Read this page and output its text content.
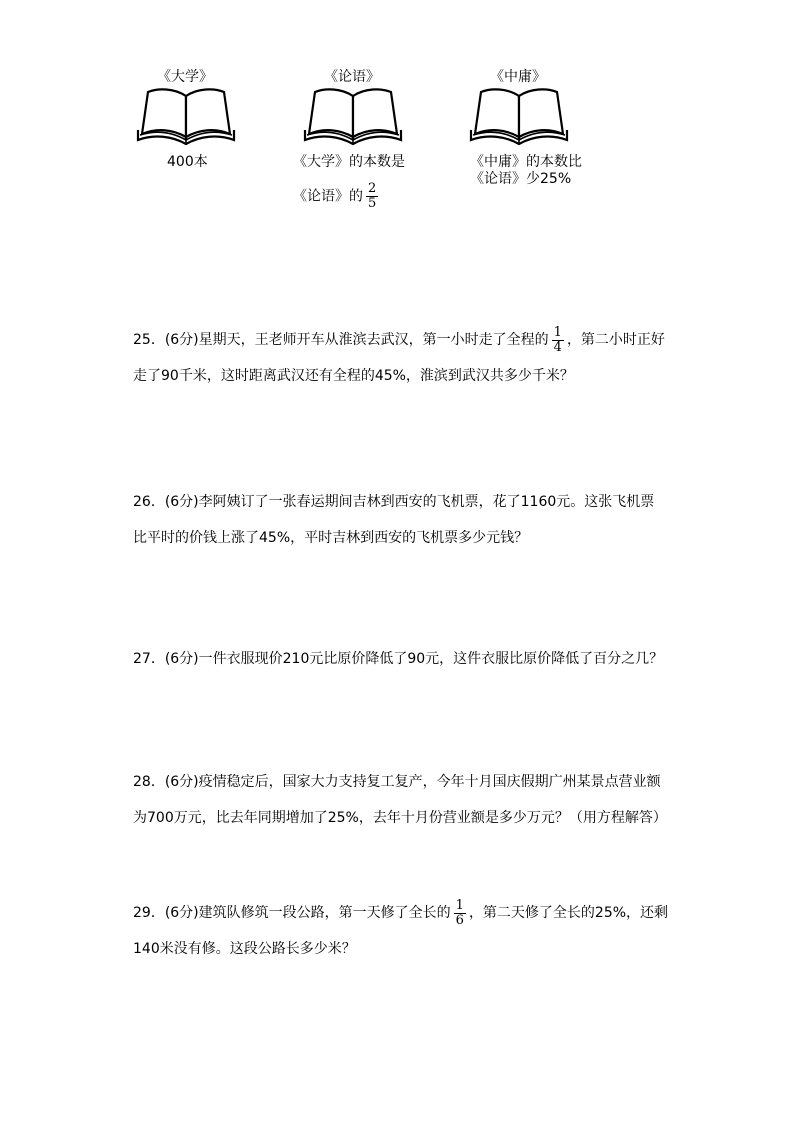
《大学》
400本
《论语》
《大学》的本数是
《论语》的 $\frac{2}{5}$
《中庸》
《中庸》的本数比
《论语》少25%
25．(6分)星期天，王老师开车从淮滨去武汉，第一小时走了全程的 $\frac{1}{4}$ ，第二小时正好
走了90千米，这时距离武汉还有全程的45%，淮滨到武汉共多少千米？
26．(6分)李阿姨订了一张春运期间吉林到西安的飞机票，花了1160元。这张飞机票
比平时的价钱上涨了45%，平时吉林到西安的飞机票多少元钱？
27．(6分)一件衣服现价210元比原价降低了90元，这件衣服比原价降低了百分之几？
28．(6分)疫情稳定后，国家大力支持复工复产，今年十月国庆假期广州某景点营业额
为700万元，比去年同期增加了25%，去年十月份营业额是多少万元？（用方程解答）
29．(6分)建筑队修筑一段公路，第一天修了全长的 $\frac{1}{6}$ ，第二天修了全长的25%，还剩
140米没有修。这段公路长多少米？
